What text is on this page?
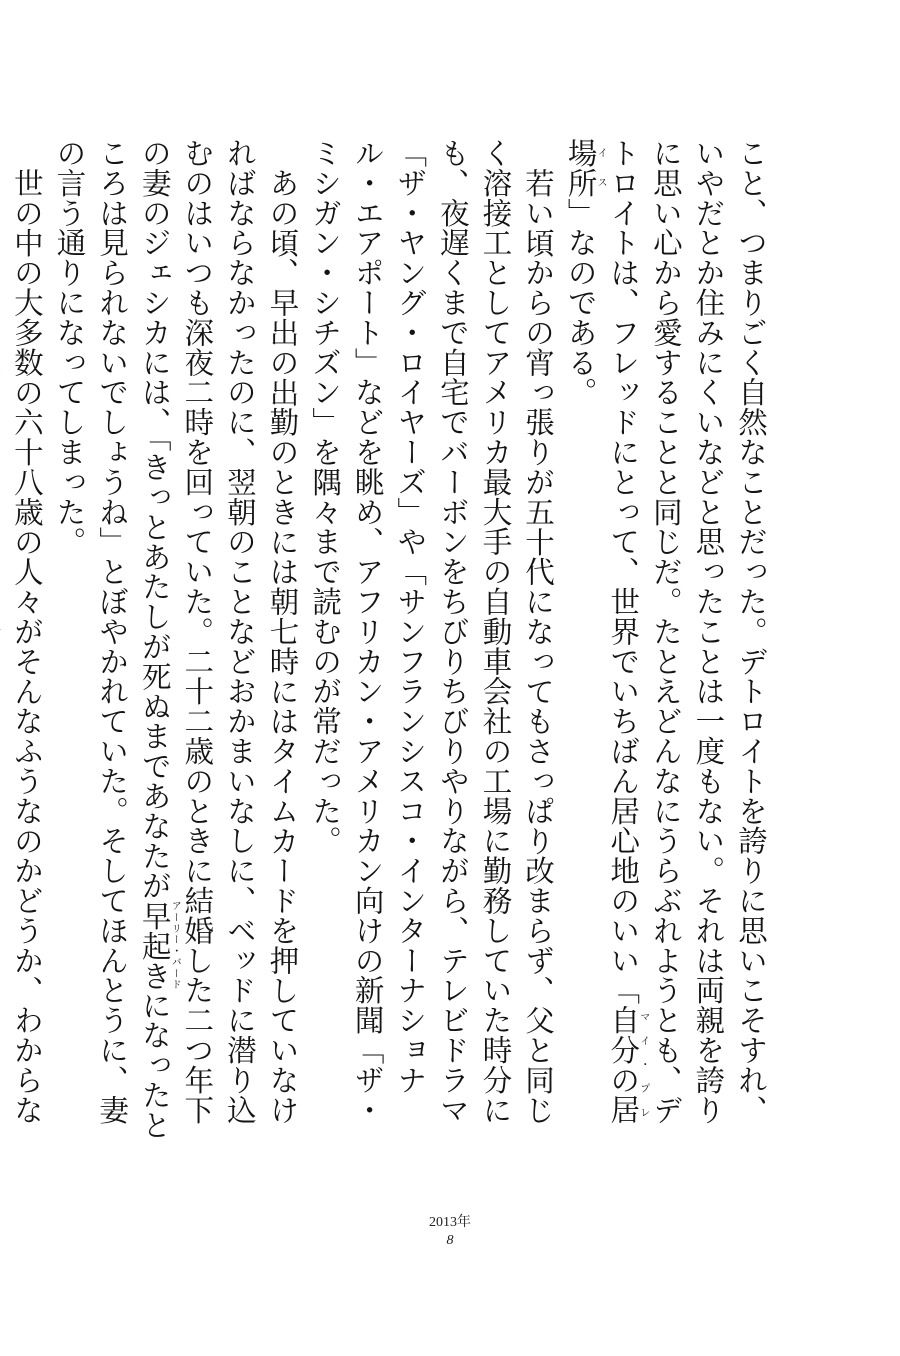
こと、つまりごく自然なことだった。デトロイトを誇りに思いこそすれ、いやだとか住みにくいなどと思ったことは一度もない。それは両親を誇りに思い心から愛することと同じだ。たとえどんなにうらぶれようとも、デトロイトは、フレッドにとって、世界でいちばん居心地のいい「自分の居場所マイ・プレイス」なのである。

若い頃からの宵っ張りが五十代になってもさっぱり改まらず、父と同じく溶接工としてアメリカ最大手の自動車会社の工場に勤務していた時分にも、夜遅くまで自宅でバーボンをちびりちびりやりながら、テレビドラマ「ザ・ヤング・ロイヤーズ」や「サンフランシスコ・インターナショナル・エアポート」などを眺め、アフリカン・アメリカン向けの新聞「ザ・ミシガン・シチズン」を隅々まで読むのが常だった。

あの頃、早出の出勤のときには朝七時にはタイムカードを押していなければならなかったのに、翌朝のことなどおかまいなしに、ベッドに潜り込むのはいつも深夜二時を回っていた。二十二歳のときに結婚した二つ年下の妻のジェシカには、「きっとあたしが死ぬまであなたが早起きアーリー・バードになったところは見られないでしょうね」とぼやかれていた。そしてほんとうに、妻の言う通りになってしまった。

世の中の大多数の六十八歳の人々がそんなふうなのかどうか、わからな

2013年
8
